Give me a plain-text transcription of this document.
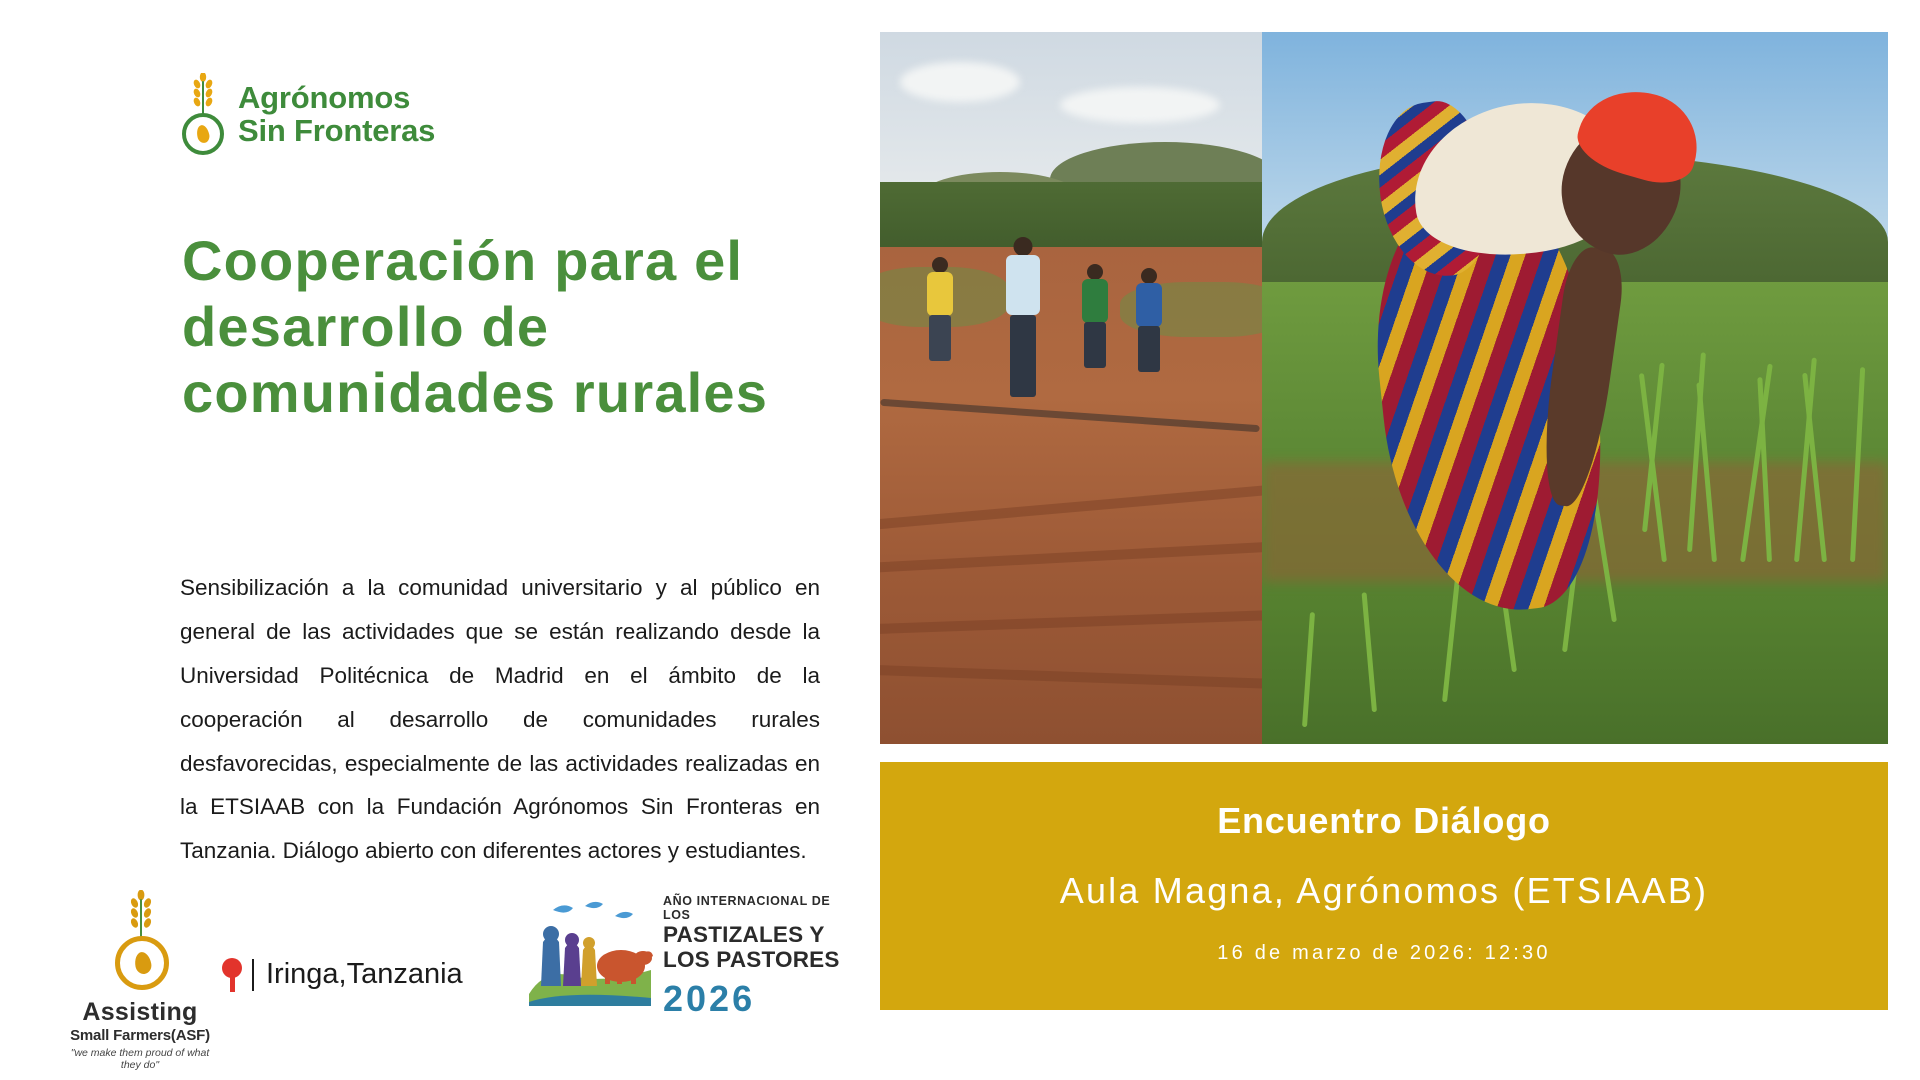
Agrónomos
Sin Fronteras
Cooperación para el desarrollo de comunidades rurales
Sensibilización a la comunidad universitario y al público en general de las actividades que se están realizando desde la Universidad Politécnica de Madrid en el ámbito de la cooperación al desarrollo de comunidades rurales desfavorecidas, especialmente de las actividades realizadas en la ETSIAAB con la Fundación Agrónomos Sin Fronteras en Tanzania. Diálogo abierto con diferentes actores y estudiantes.
Assisting
Small Farmers(ASF)
"we make them proud of what they do"
Iringa,Tanzania
AÑO INTERNACIONAL DE LOS
PASTIZALES Y LOS PASTORES
2026
Encuentro Diálogo
Aula Magna, Agrónomos (ETSIAAB)
16 de marzo de 2026: 12:30
